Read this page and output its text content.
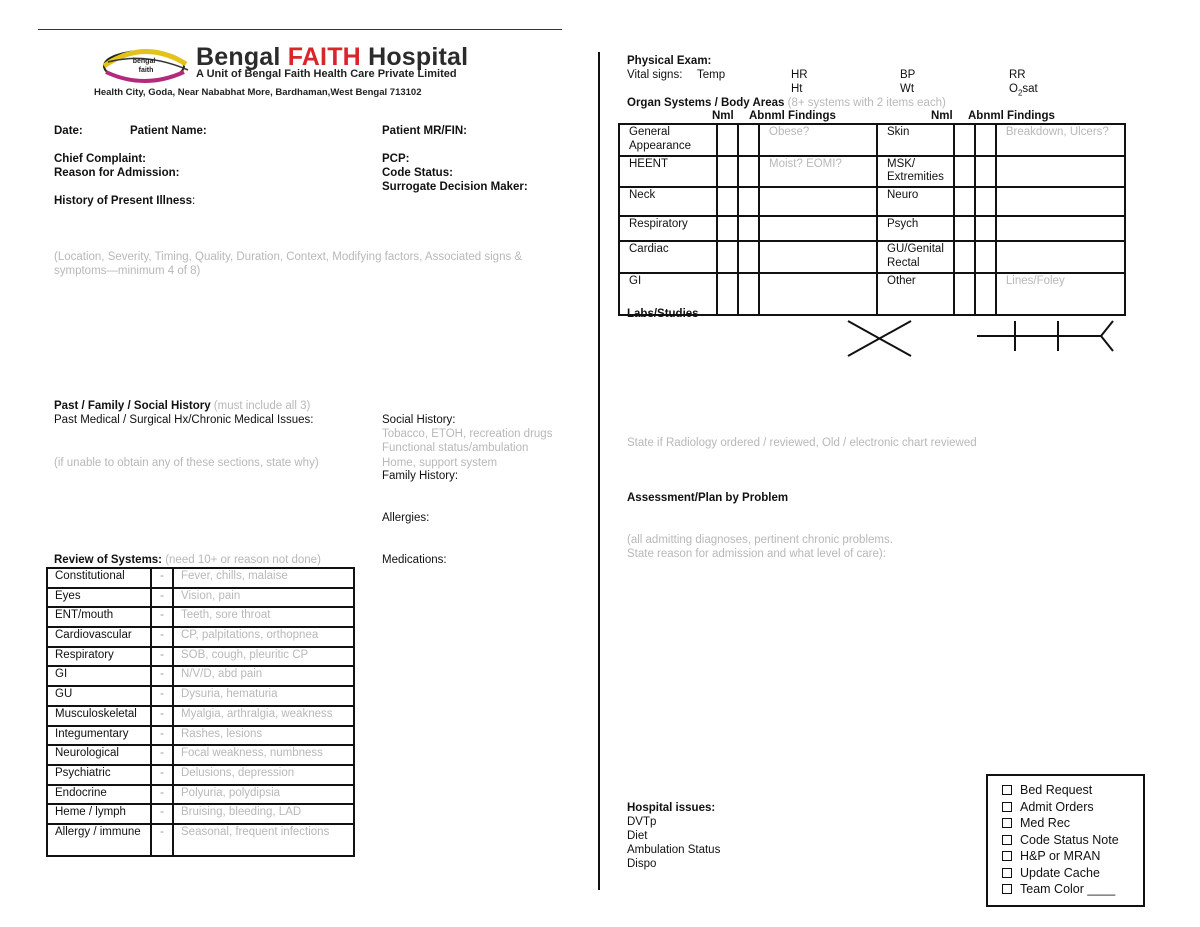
bengal
faith Bengal FAITH Hospital
A Unit of Bengal Faith Health Care Private Limited
Health City, Goda, Near Nababhat More, Bardhaman,West Bengal 713102
Date:	Patient Name:	Patient MR/FIN:
Chief Complaint:
Reason for Admission:
PCP:
Code Status:
Surrogate Decision Maker:
History of Present Illness:
(Location, Severity, Timing, Quality, Duration, Context, Modifying factors, Associated signs &
symptoms—minimum 4 of 8)
Past / Family / Social History (must include all 3)
Past Medical / Surgical Hx/Chronic Medical Issues:
(if unable to obtain any of these sections, state why)
Social History:
Tobacco, ETOH, recreation drugs
Functional status/ambulation
Home, support system
Family History:
Allergies:
Medications:
Review of Systems: (need 10+ or reason not done)
Constitutional	-	Fever, chills, malaise
Eyes	-	Vision, pain
ENT/mouth	-	Teeth, sore throat
Cardiovascular	-	CP, palpitations, orthopnea
Respiratory	-	SOB, cough, pleuritic CP
GI	-	N/V/D, abd pain
GU	-	Dysuria, hematuria
Musculoskeletal	-	Myalgia, arthralgia, weakness
Integumentary	-	Rashes, lesions
Neurological	-	Focal weakness, numbness
Psychiatric	-	Delusions, depression
Endocrine	-	Polyuria, polydipsia
Heme / lymph	-	Bruising, bleeding, LAD
Allergy / immune	-	Seasonal, frequent infections
Physical Exam:
Vital signs: Temp	HR	BP	RR
Ht	Wt	$O_2sat$
Organ Systems / Body Areas (8+ systems with 2 items each)
Nml Abnml Findings	Nml Abnml Findings
General Appearance			Obese?	Skin			Breakdown, Ulcers?
HEENT			Moist? EOMI?	MSK/ Extremities			
Neck				Neuro			
Respiratory				Psych			
Cardiac				GU/Genital Rectal			
GI				Other			Lines/Foley
Labs/Studies
State if Radiology ordered / reviewed, Old / electronic chart reviewed
Assessment/Plan by Problem
(all admitting diagnoses, pertinent chronic problems.
State reason for admission and what level of care):
Hospital issues:
DVTp
Diet
Ambulation Status
Dispo
Bed Request
Admit Orders
Med Rec
Code Status Note
H&P or MRAN
Update Cache
Team Color ____
